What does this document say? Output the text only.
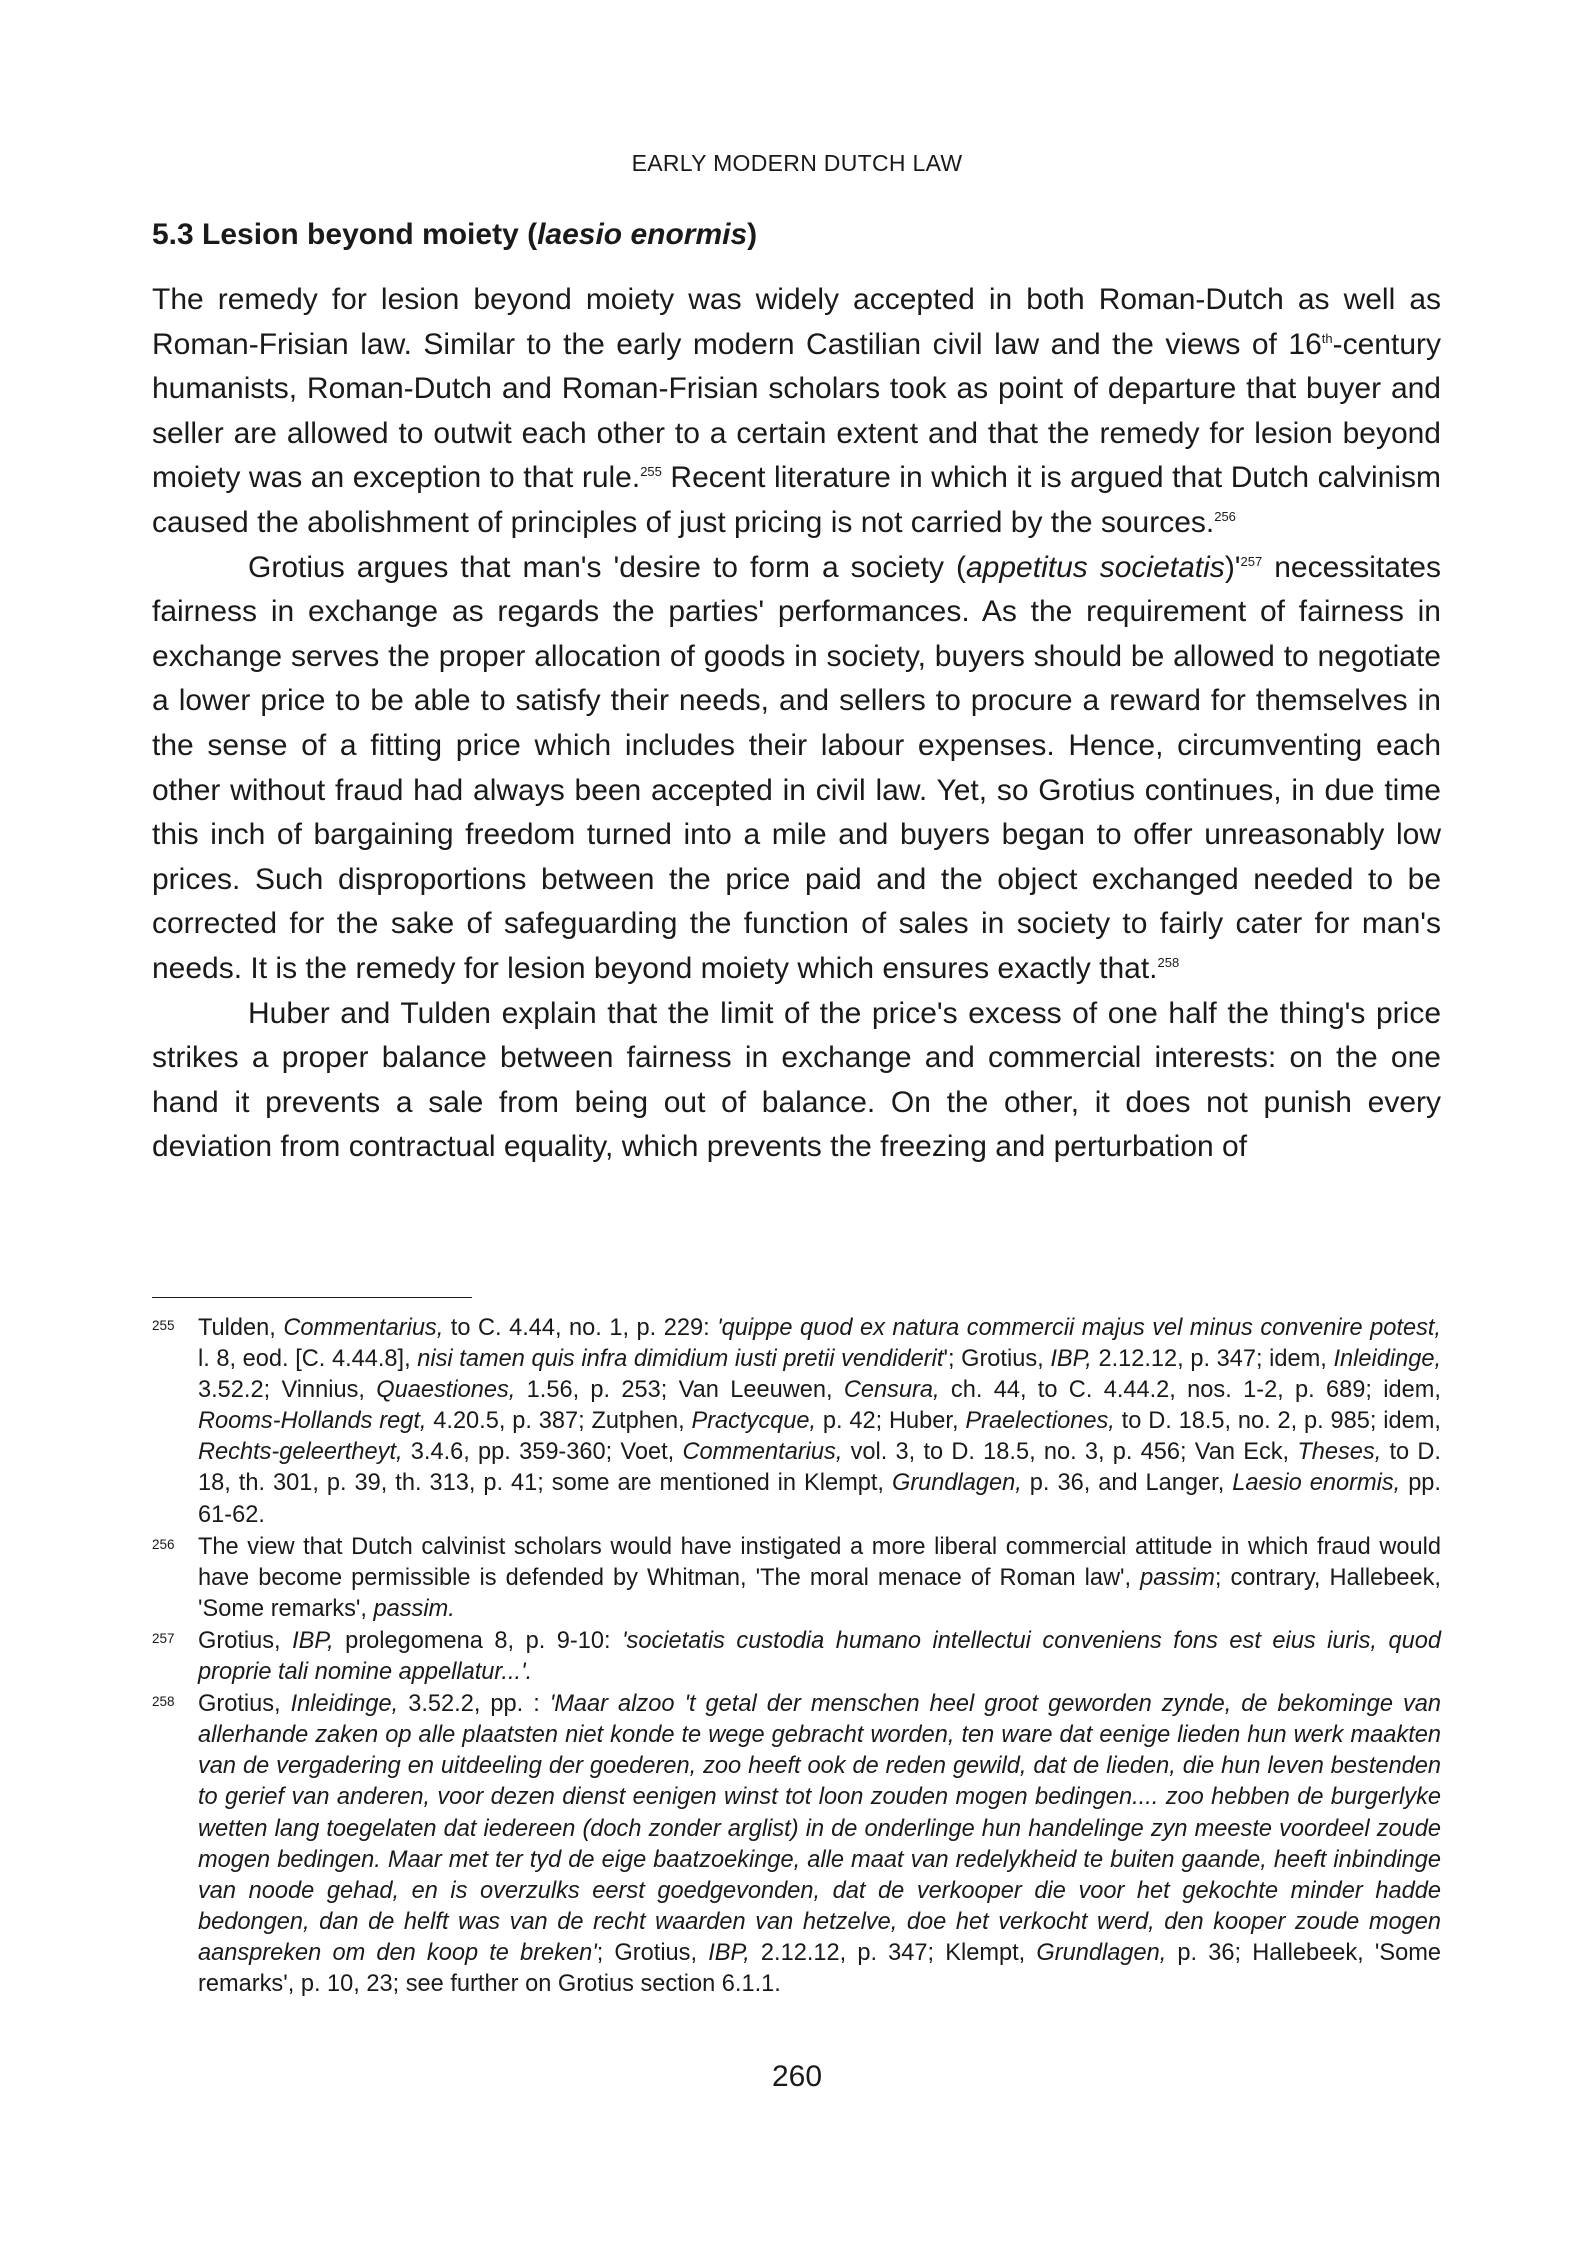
EARLY MODERN DUTCH LAW
5.3 Lesion beyond moiety (laesio enormis)

The remedy for lesion beyond moiety was widely accepted in both Roman-Dutch as well as Roman-Frisian law. Similar to the early modern Castilian civil law and the views of 16th-century humanists, Roman-Dutch and Roman-Frisian scholars took as point of departure that buyer and seller are allowed to outwit each other to a certain extent and that the remedy for lesion beyond moiety was an exception to that rule.$^{255}$ Recent literature in which it is argued that Dutch calvinism caused the abolishment of principles of just pricing is not carried by the sources.$^{256}$

Grotius argues that man's 'desire to form a society (appetitus $societatis)'^{257}$ necessitates fairness in exchange as regards the parties' performances. As the requirement of fairness in exchange serves the proper allocation of goods in society, buyers should be allowed to negotiate a lower price to be able to satisfy their needs, and sellers to procure a reward for themselves in the sense of a fitting price which includes their labour expenses. Hence, circumventing each other without fraud had always been accepted in civil law. Yet, so Grotius continues, in due time this inch of bargaining freedom turned into a mile and buyers began to offer unreasonably low prices. Such disproportions between the price paid and the object exchanged needed to be corrected for the sake of safeguarding the function of sales in society to fairly cater for man's needs. It is the remedy for lesion beyond moiety which ensures exactly that.$^{258}$

Huber and Tulden explain that the limit of the price's excess of one half the thing's price strikes a proper balance between fairness in exchange and commercial interests: on the one hand it prevents a sale from being out of balance. On the other, it does not punish every deviation from contractual equality, which prevents the freezing and perturbation of

255 Tulden, Commentarius, to C. 4.44, no. 1, p. 229: 'quippe quod ex natura commercii majus vel minus convenire potest, l. 8, eod. [C. 4.44.8], nisi tamen quis infra dimidium iusti pretii vendiderit'; Grotius, IBP, 2.12.12, p. 347; idem, Inleidinge, 3.52.2; Vinnius, Quaestiones, 1.56, p. 253; Van Leeuwen, Censura, ch. 44, to C. 4.44.2, nos. 1-2, p. 689; idem, Rooms-Hollands regt, 4.20.5, p. 387; Zutphen, Practycque, p. 42; Huber, Praelectiones, to D. 18.5, no. 2, p. 985; idem, Rechts-geleertheyt, 3.4.6, pp. 359-360; Voet, Commentarius, vol. 3, to D. 18.5, no. 3, p. 456; Van Eck, Theses, to D. 18, th. 301, p. 39, th. 313, p. 41; some are mentioned in Klempt, Grundlagen, p. 36, and Langer, Laesio enormis, pp. 61-62.

256 The view that Dutch calvinist scholars would have instigated a more liberal commercial attitude in which fraud would have become permissible is defended by Whitman, 'The moral menace of Roman law', passim; contrary, Hallebeek, 'Some remarks', passim.

257 Grotius, IBP, prolegomena 8, p. 9-10: 'societatis custodia humano intellectui conveniens fons est eius iuris, quod proprie tali nomine appellatur...'.

258 Grotius, Inleidinge, 3.52.2, pp. : 'Maar alzoo 't getal der menschen heel groot geworden zynde, de bekominge van allerhande zaken op alle plaatsten niet konde te wege gebracht worden, ten ware dat eenige lieden hun werk maakten van de vergadering en uitdeeling der goederen, zoo heeft ook de reden gewild, dat de lieden, die hun leven bestenden to gerief van anderen, voor dezen dienst eenigen winst tot loon zouden mogen bedingen.... zoo hebben de burgerlyke wetten lang toegelaten dat iedereen (doch zonder arglist) in de onderlinge hun handelinge zyn meeste voordeel zoude mogen bedingen. Maar met ter tyd de eige baatzoekinge, alle maat van redelykheid te buiten gaande, heeft inbindinge van noode gehad, en is overzulks eerst goedgevonden, dat de verkooper die voor het gekochte minder hadde bedongen, dan de helft was van de recht waarden van hetzelve, doe het verkocht werd, den kooper zoude mogen aanspreken om den koop te breken'; Grotius, IBP, 2.12.12, p. 347; Klempt, Grundlagen, p. 36; Hallebeek, 'Some remarks', p. 10, 23; see further on Grotius section 6.1.1.

260
